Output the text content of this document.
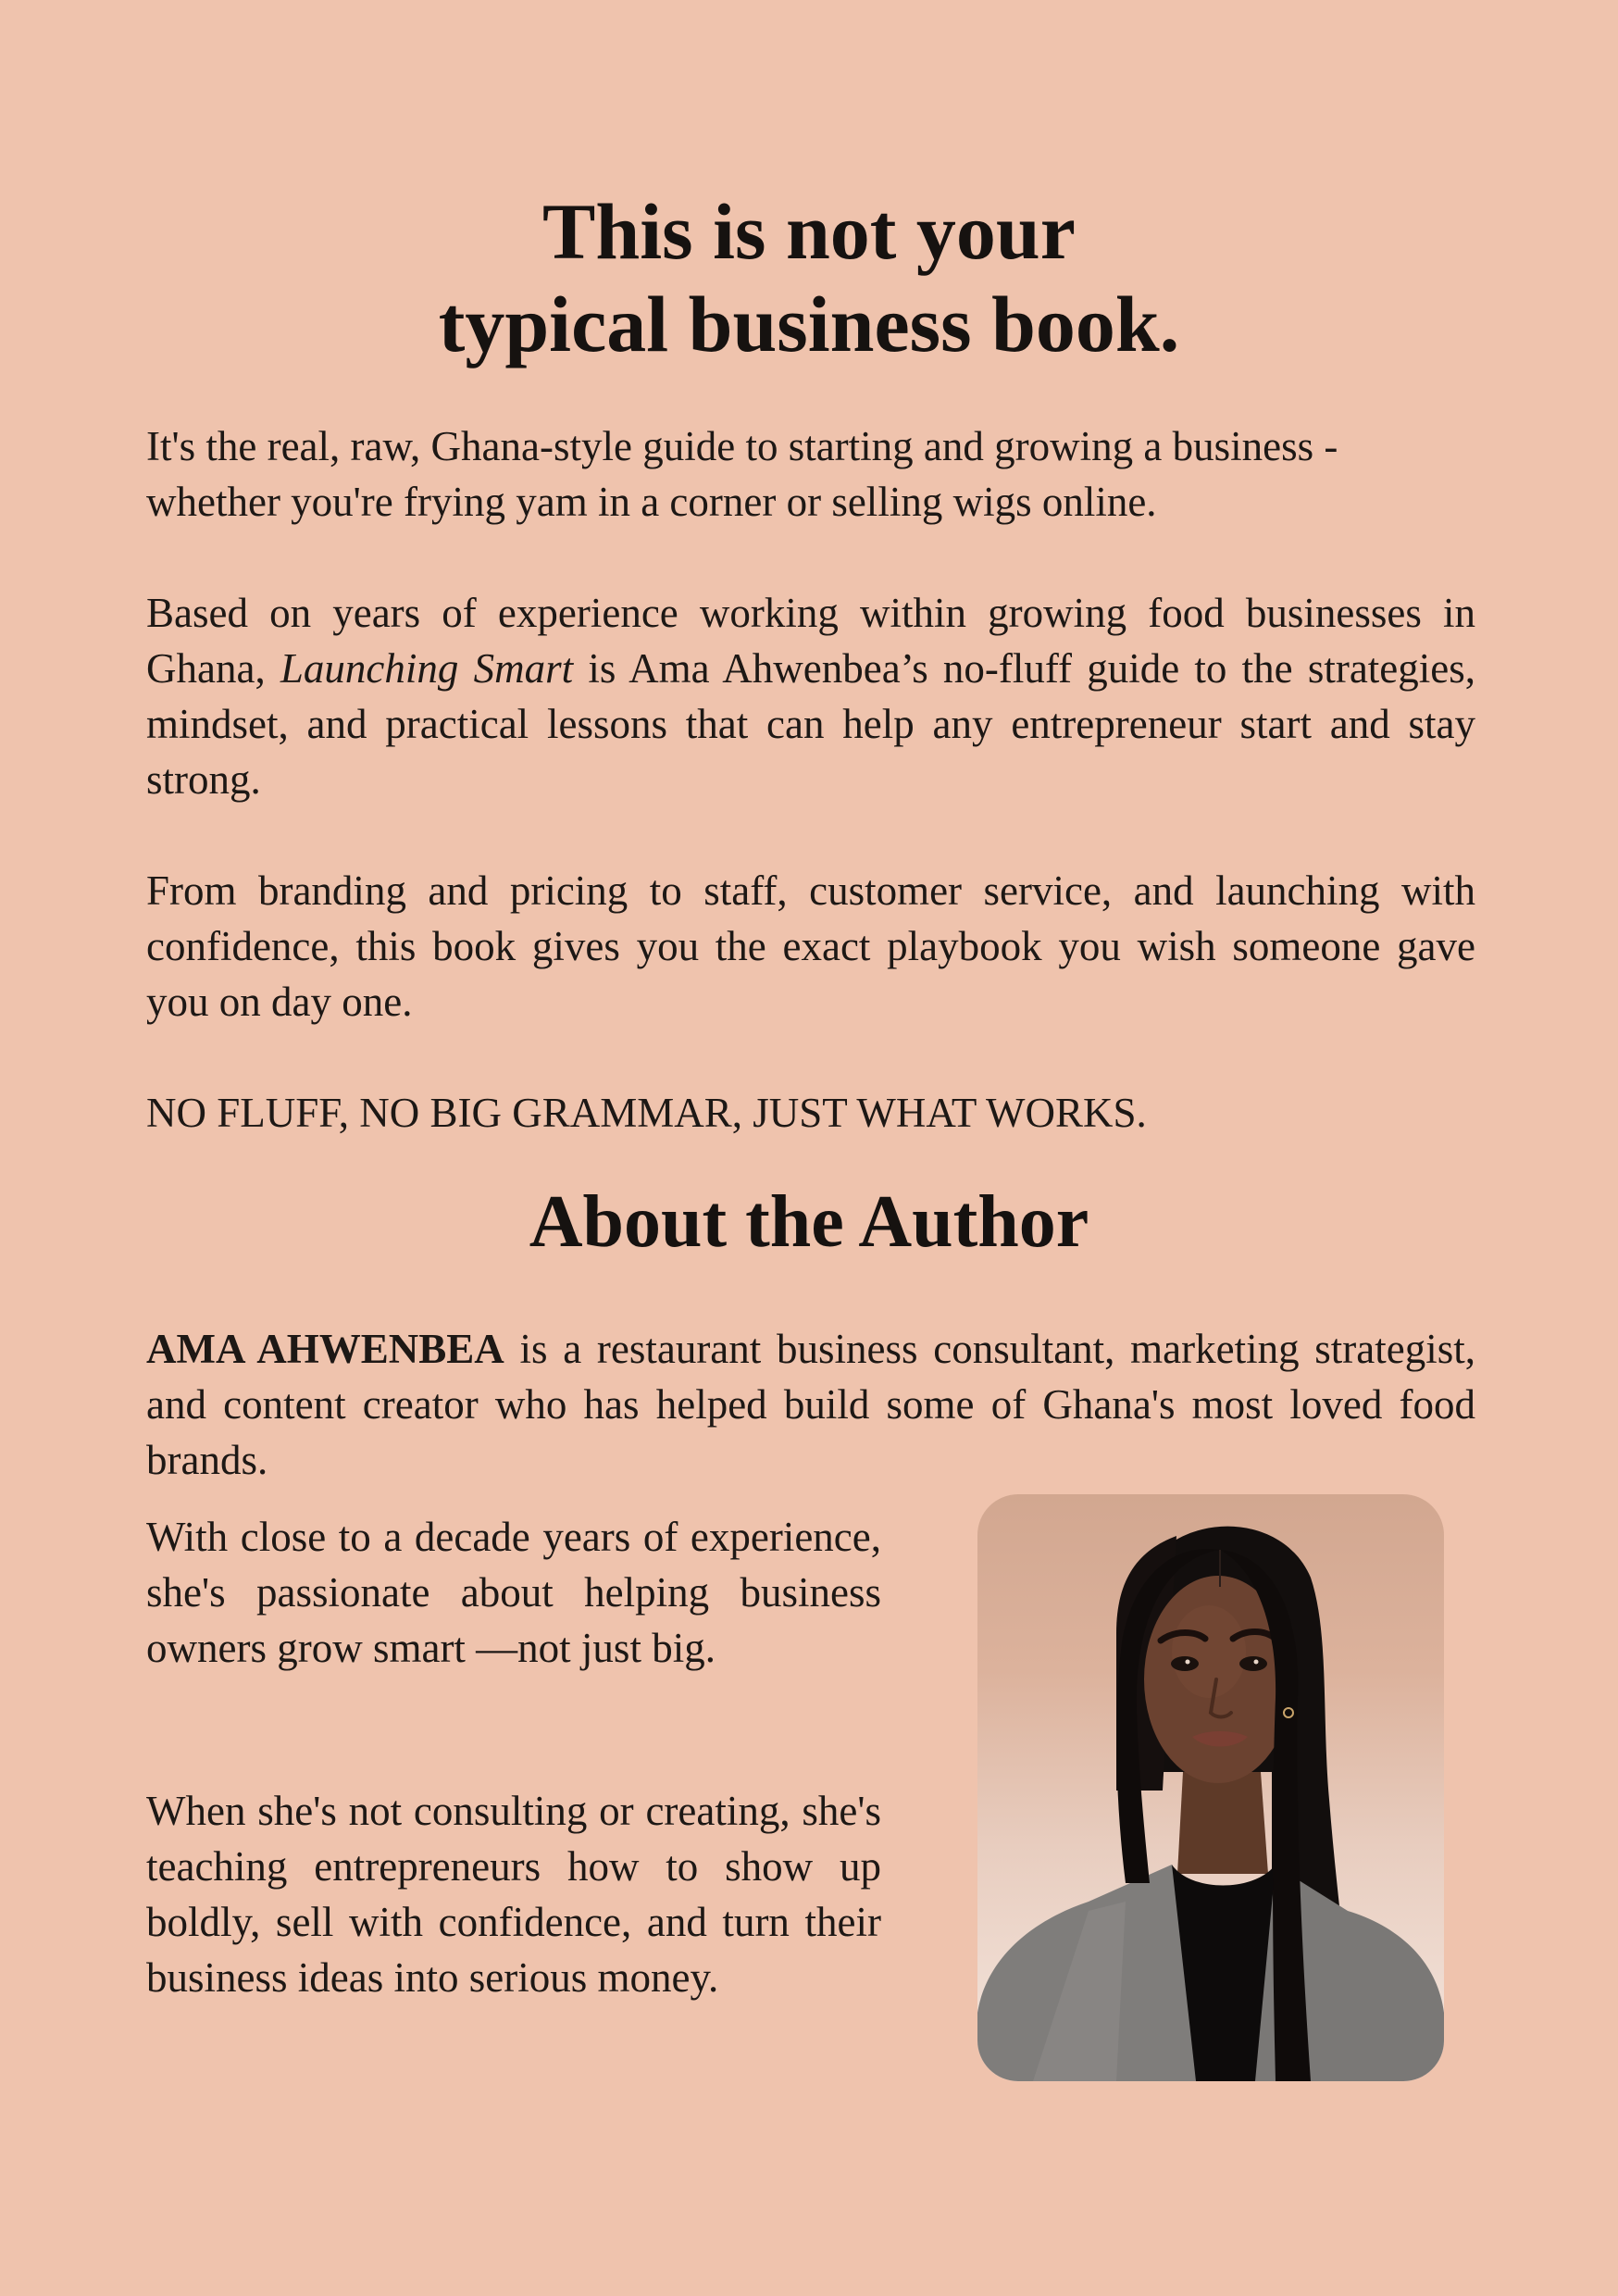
This is not your
typical business book.

It's the real, raw, Ghana-style guide to starting and growing a business - whether you're frying yam in a corner or selling wigs online.

Based on years of experience working within growing food businesses in Ghana, Launching Smart is Ama Ahwenbea’s no-fluff guide to the strategies, mindset, and practical lessons that can help any entrepreneur start and stay strong.

From branding and pricing to staff, customer service, and launching with confidence, this book gives you the exact playbook you wish someone gave you on day one.

NO FLUFF, NO BIG GRAMMAR, JUST WHAT WORKS.

About the Author

AMA AHWENBEA is a restaurant business consultant, marketing strategist, and content creator who has helped build some of Ghana's most loved food brands.

With close to a decade years of experience, she's passionate about helping business owners grow smart —not just big.

When she's not consulting or creating, she's teaching entrepreneurs how to show up boldly, sell with confidence, and turn their business ideas into serious money.
